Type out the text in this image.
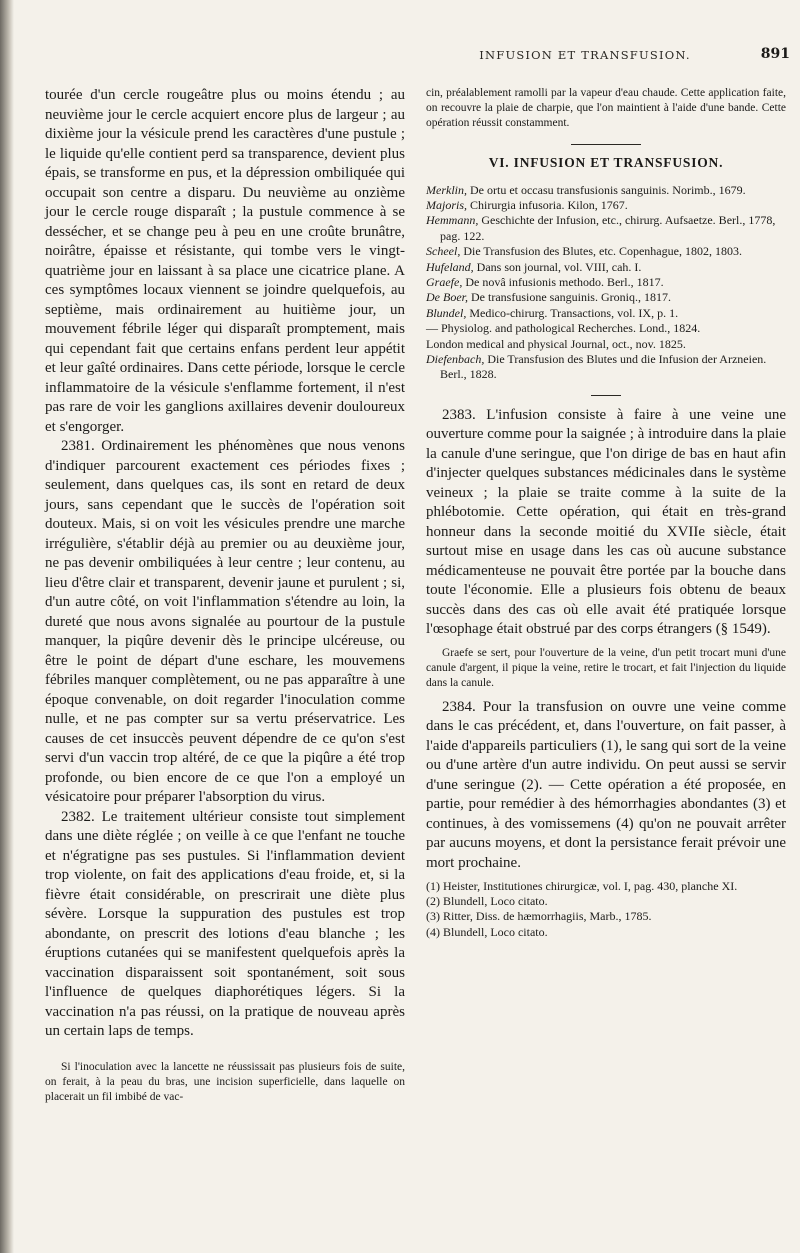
INFUSION ET TRANSFUSION.	891

tourée d'un cercle rougeâtre plus ou moins étendu ; au neuvième jour le cercle acquiert encore plus de largeur ; au dixième jour la vésicule prend les caractères d'une pustule ; le liquide qu'elle contient perd sa transparence, devient plus épais, se transforme en pus, et la dépression ombiliquée qui occupait son centre a disparu. Du neuvième au onzième jour le cercle rouge disparaît ; la pustule commence à se dessécher, et se change peu à peu en une croûte brunâtre, noirâtre, épaisse et résistante, qui tombe vers le vingt-quatrième jour en laissant à sa place une cicatrice plane. A ces symptômes locaux viennent se joindre quelquefois, au septième, mais ordinairement au huitième jour, un mouvement fébrile léger qui disparaît promptement, mais qui cependant fait que certains enfans perdent leur appétit et leur gaîté ordinaires. Dans cette période, lorsque le cercle inflammatoire de la vésicule s'enflamme fortement, il n'est pas rare de voir les ganglions axillaires devenir douloureux et s'engorger.

2381. Ordinairement les phénomènes que nous venons d'indiquer parcourent exactement ces périodes fixes ; seulement, dans quelques cas, ils sont en retard de deux jours, sans cependant que le succès de l'opération soit douteux. Mais, si on voit les vésicules prendre une marche irrégulière, s'établir déjà au premier ou au deuxième jour, ne pas devenir ombiliquées à leur centre ; leur contenu, au lieu d'être clair et transparent, devenir jaune et purulent ; si, d'un autre côté, on voit l'inflammation s'étendre au loin, la dureté que nous avons signalée au pourtour de la pustule manquer, la piqûre devenir dès le principe ulcéreuse, ou être le point de départ d'une eschare, les mouvemens fébriles manquer complètement, ou ne pas apparaître à une époque convenable, on doit regarder l'inoculation comme nulle, et ne pas compter sur sa vertu préservatrice. Les causes de cet insuccès peuvent dépendre de ce qu'on s'est servi d'un vaccin trop altéré, de ce que la piqûre a été trop profonde, ou bien encore de ce que l'on a employé un vésicatoire pour préparer l'absorption du virus.

2382. Le traitement ultérieur consiste tout simplement dans une diète réglée ; on veille à ce que l'enfant ne touche et n'égratigne pas ses pustules. Si l'inflammation devient trop violente, on fait des applications d'eau froide, et, si la fièvre était considérable, on prescrirait une diète plus sévère. Lorsque la suppuration des pustules est trop abondante, on prescrit des lotions d'eau blanche ; les éruptions cutanées qui se manifestent quelquefois après la vaccination disparaissent soit spontanément, soit sous l'influence de quelques diaphorétiques légers. Si la vaccination n'a pas réussi, on la pratique de nouveau après un certain laps de temps.

Si l'inoculation avec la lancette ne réussissait pas plusieurs fois de suite, on ferait, à la peau du bras, une incision superficielle, dans laquelle on placerait un fil imbibé de vac-

cin, préalablement ramolli par la vapeur d'eau chaude. Cette application faite, on recouvre la plaie de charpie, que l'on maintient à l'aide d'une bande. Cette opération réussit constamment.

VI. INFUSION ET TRANSFUSION.
Merklin, De ortu et occasu transfusionis sanguinis. Norimb., 1679.
Majoris, Chirurgia infusoria. Kilon, 1767.
Hemmann, Geschichte der Infusion, etc., chirurg. Aufsaetze. Berl., 1778, pag. 122.
Scheel, Die Transfusion des Blutes, etc. Copenhague, 1802, 1803.
Hufeland, Dans son journal, vol. VIII, cah. I.
Graefe, De novâ infusionis methodo. Berl., 1817.
De Boer, De transfusione sanguinis. Groniq., 1817.
Blundel, Medico-chirurg. Transactions, vol. IX, p. 1.
— Physiolog. and pathological Recherches. Lond., 1824.
London medical and physical Journal, oct., nov. 1825.
Diefenbach, Die Transfusion des Blutes und die Infusion der Arzneien. Berl., 1828.

2383. L'infusion consiste à faire à une veine une ouverture comme pour la saignée ; à introduire dans la plaie la canule d'une seringue, que l'on dirige de bas en haut afin d'injecter quelques substances médicinales dans le système veineux ; la plaie se traite comme à la suite de la phlébotomie. Cette opération, qui était en très-grand honneur dans la seconde moitié du XVIIe siècle, était surtout mise en usage dans les cas où aucune substance médicamenteuse ne pouvait être portée par la bouche dans toute l'économie. Elle a plusieurs fois obtenu de beaux succès dans des cas où elle avait été pratiquée lorsque l'œsophage était obstrué par des corps étrangers (§ 1549).

Graefe se sert, pour l'ouverture de la veine, d'un petit trocart muni d'une canule d'argent, il pique la veine, retire le trocart, et fait l'injection du liquide dans la canule.

2384. Pour la transfusion on ouvre une veine comme dans le cas précédent, et, dans l'ouverture, on fait passer, à l'aide d'appareils particuliers (1), le sang qui sort de la veine ou d'une artère d'un autre individu. On peut aussi se servir d'une seringue (2). — Cette opération a été proposée, en partie, pour remédier à des hémorrhagies abondantes (3) et continues, à des vomissemens (4) qu'on ne pouvait arrêter par aucuns moyens, et dont la persistance ferait prévoir une mort prochaine.

(1) Heister, Institutiones chirurgicæ, vol. I, pag. 430, planche XI.
(2) Blundell, Loco citato.
(3) Ritter, Diss. de hæmorrhagiis, Marb., 1785.
(4) Blundell, Loco citato.
